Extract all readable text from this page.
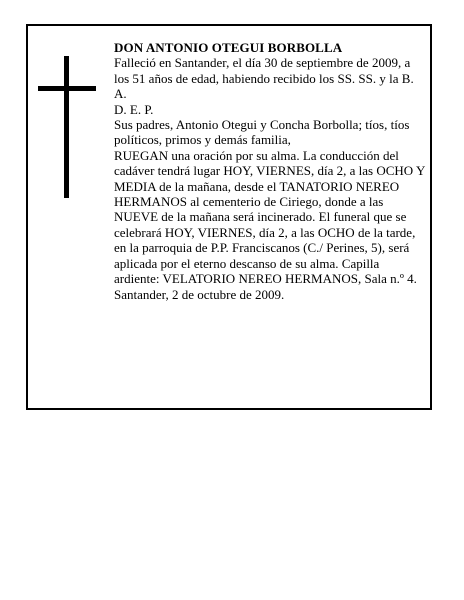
DON ANTONIO OTEGUI BORBOLLA

Falleció en Santander, el día 30 de septiembre de 2009, a los 51 años de edad, habiendo recibido los SS. SS. y la B. A.

D. E. P.

Sus padres, Antonio Otegui y Concha Borbolla; tíos, tíos políticos, primos y demás familia,

RUEGAN una oración por su alma. La conducción del cadáver tendrá lugar HOY, VIERNES, día 2, a las OCHO Y MEDIA de la mañana, desde el TANATORIO NEREO HERMANOS al cementerio de Ciriego, donde a las NUEVE de la mañana será incinerado. El funeral que se celebrará HOY, VIERNES, día 2, a las OCHO de la tarde, en la parroquia de P.P. Franciscanos (C./ Perines, 5), será aplicada por el eterno descanso de su alma. Capilla ardiente: VELATORIO NEREO HERMANOS, Sala n.º 4.

Santander, 2 de octubre de 2009.
